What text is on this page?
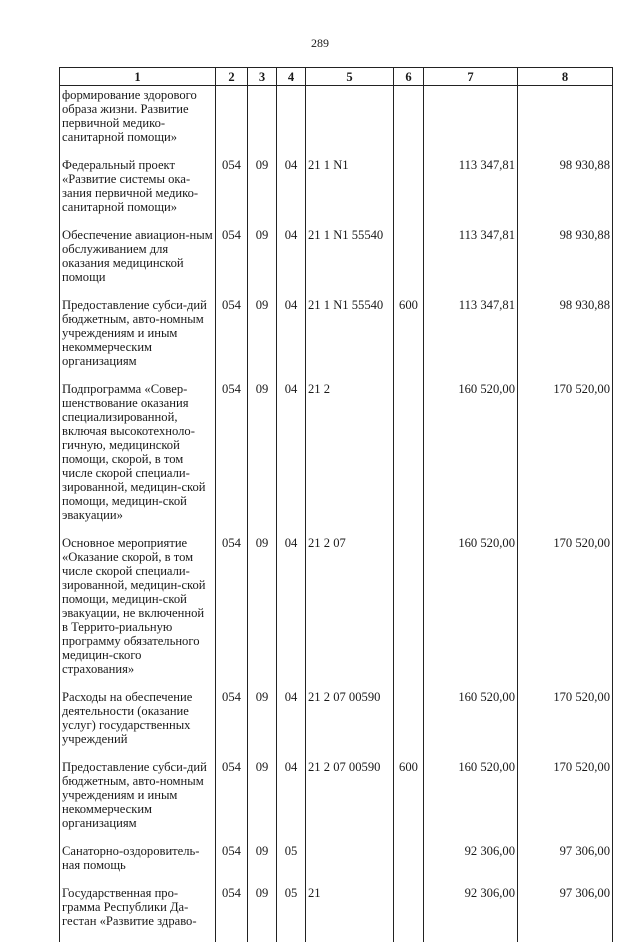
289
1	2	3	4	5	6	7	8
формирование здорового образа жизни. Развитие первичной медико-санитарной помощи»							
Федеральный проект «Развитие системы ока-зания первичной медико-санитарной помощи»	054	09	04	21 1 N1		113 347,81	98 930,88
Обеспечение авиацион-ным обслуживанием для оказания медицинской помощи	054	09	04	21 1 N1 55540		113 347,81	98 930,88
Предоставление субси-дий бюджетным, авто-номным учреждениям и иным некоммерческим организациям	054	09	04	21 1 N1 55540	600	113 347,81	98 930,88
Подпрограмма «Совер-шенствование оказания специализированной, включая высокотехноло-гичную, медицинской помощи, скорой, в том числе скорой специали-зированной, медицин-ской помощи, медицин-ской эвакуации»	054	09	04	21 2		160 520,00	170 520,00
Основное мероприятие «Оказание скорой, в том числе скорой специали-зированной, медицин-ской помощи, медицин-ской эвакуации, не включенной в Террито-риальную программу обязательного медицин-ского страхования»	054	09	04	21 2 07		160 520,00	170 520,00
Расходы на обеспечение деятельности (оказание услуг) государственных учреждений	054	09	04	21 2 07 00590		160 520,00	170 520,00
Предоставление субси-дий бюджетным, авто-номным учреждениям и иным некоммерческим организациям	054	09	04	21 2 07 00590	600	160 520,00	170 520,00
Санаторно-оздоровитель-ная помощь	054	09	05			92 306,00	97 306,00
Государственная про-грамма Республики Да-гестан «Развитие здраво-	054	09	05	21		92 306,00	97 306,00
